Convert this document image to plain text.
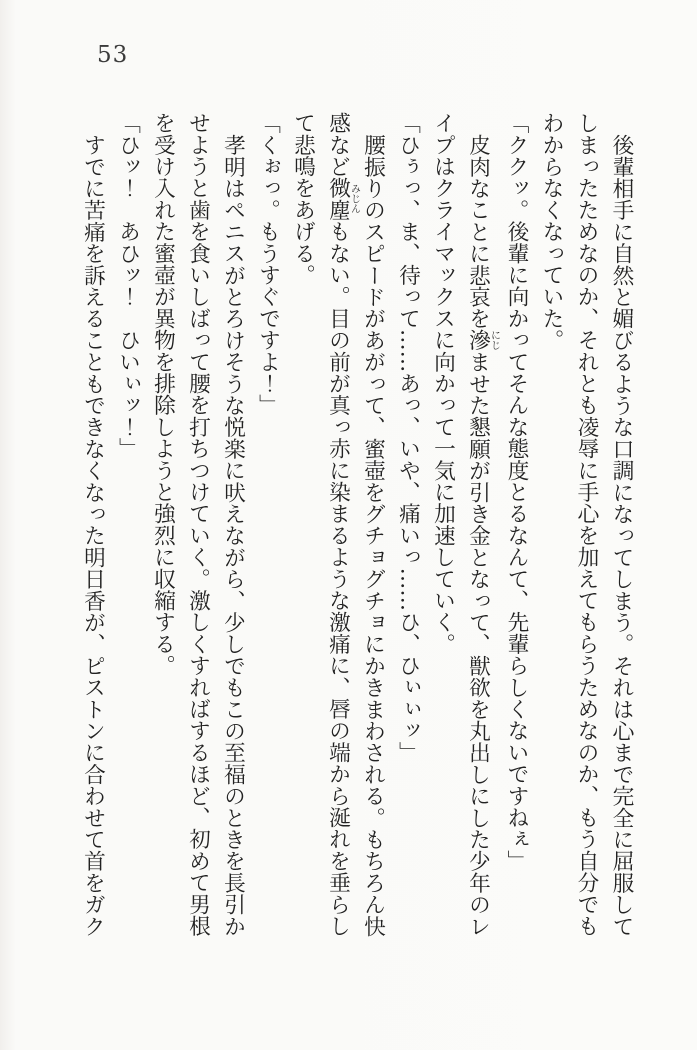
53

後輩相手に自然と媚びるような口調になってしまう。それは心まで完全に屈服してしまったためなのか、それとも凌辱に手心を加えてもらうためなのか、もう自分でもわからなくなっていた。

「ククッ。後輩に向かってそんな態度とるなんて、先輩らしくないですねぇ」

皮肉なことに悲哀を滲にじませた懇願が引き金となって、獣欲を丸出しにした少年のレイプはクライマックスに向かって一気に加速していく。

「ひぅっ、ま、待って……あっ、いや、痛いっ……ひ、ひぃぃッ」

腰振りのスピードがあがって、蜜壺をグチョグチョにかきまわされる。もちろん快感など微塵みじんもない。目の前が真っ赤に染まるような激痛に、唇の端から涎れを垂らして悲鳴をあげる。

「くぉっ。もうすぐですよ！」

孝明はペニスがとろけそうな悦楽に吠えながら、少しでもこの至福のときを長引かせようと歯を食いしばって腰を打ちつけていく。激しくすればするほど、初めて男根を受け入れた蜜壺が異物を排除しようと強烈に収縮する。

「ひッ！　あひッ！　ひいぃッ！」

すでに苦痛を訴えることもできなくなった明日香が、ピストンに合わせて首をガク
